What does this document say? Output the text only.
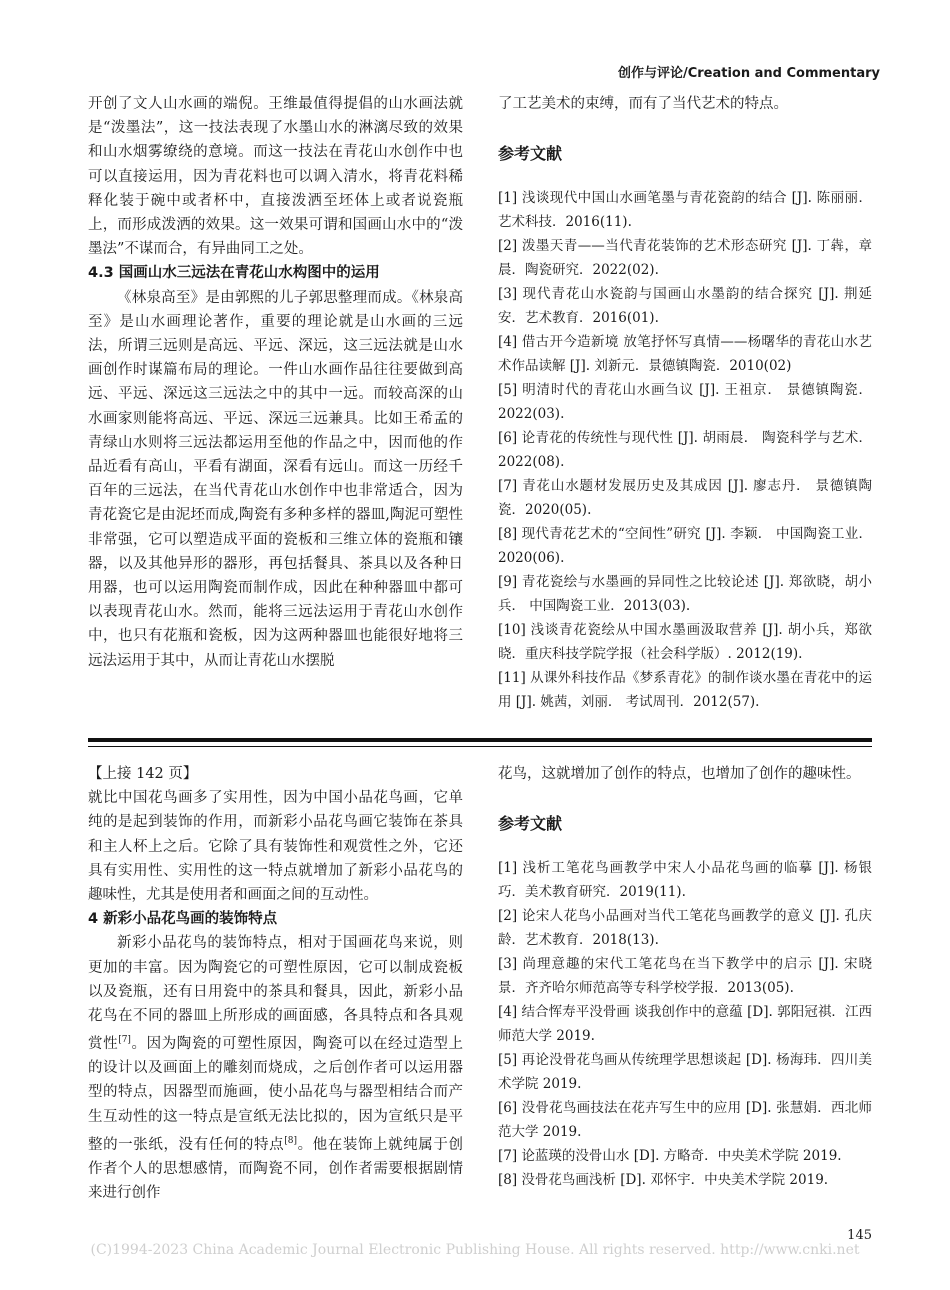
创作与评论/Creation and Commentary

开创了文人山水画的端倪。王维最值得提倡的山水画法就是“泼墨法”，这一技法表现了水墨山水的淋漓尽致的效果和山水烟雾缭绕的意境。而这一技法在青花山水创作中也可以直接运用，因为青花料也可以调入清水，将青花料稀释化装于碗中或者杯中，直接泼洒至坯体上或者说瓷瓶上，而形成泼洒的效果。这一效果可谓和国画山水中的“泼墨法”不谋而合，有异曲同工之处。

4.3 国画山水三远法在青花山水构图中的运用

《林泉高至》是由郭熙的儿子郭思整理而成。《林泉高至》是山水画理论著作，重要的理论就是山水画的三远法，所谓三远则是高远、平远、深远，这三远法就是山水画创作时谋篇布局的理论。一件山水画作品往往要做到高远、平远、深远这三远法之中的其中一远。而较高深的山水画家则能将高远、平远、深远三远兼具。比如王希孟的青绿山水则将三远法都运用至他的作品之中，因而他的作品近看有高山，平看有湖面，深看有远山。而这一历经千百年的三远法，在当代青花山水创作中也非常适合，因为青花瓷它是由泥坯而成,陶瓷有多种多样的器皿,陶泥可塑性非常强，它可以塑造成平面的瓷板和三维立体的瓷瓶和镶器，以及其他异形的器形，再包括餐具、茶具以及各种日用器，也可以运用陶瓷而制作成，因此在种种器皿中都可以表现青花山水。然而，能将三远法运用于青花山水创作中，也只有花瓶和瓷板，因为这两种器皿也能很好地将三远法运用于其中，从而让青花山水摆脱

了工艺美术的束缚，而有了当代艺术的特点。

参考文献

[1] 浅谈现代中国山水画笔墨与青花瓷韵的结合 [J]. 陈丽丽．艺术科技．2016(11).

[2] 泼墨天青——当代青花装饰的艺术形态研究 [J]. 丁犇，章晨．陶瓷研究．2022(02).

[3] 现代青花山水瓷韵与国画山水墨韵的结合探究 [J]. 荆延安．艺术教育．2016(01).

[4] 借古开今造新境 放笔抒怀写真情——杨曙华的青花山水艺术作品读解 [J]. 刘新元．景德镇陶瓷．2010(02)

[5] 明清时代的青花山水画刍议 [J]. 王祖京． 景德镇陶瓷．2022(03).

[6] 论青花的传统性与现代性 [J]. 胡雨晨． 陶瓷科学与艺术．2022(08).

[7] 青花山水题材发展历史及其成因 [J]. 廖志丹． 景德镇陶瓷．2020(05).

[8] 现代青花艺术的“空间性”研究 [J]. 李颖． 中国陶瓷工业．2020(06).

[9] 青花瓷绘与水墨画的异同性之比较论述 [J]. 郑欲晓，胡小兵． 中国陶瓷工业．2013(03).

[10] 浅谈青花瓷绘从中国水墨画汲取营养 [J]. 胡小兵，郑欲晓．重庆科技学院学报（社会科学版）. 2012(19).

[11] 从课外科技作品《梦系青花》的制作谈水墨在青花中的运用 [J]. 姚茜，刘丽． 考试周刊．2012(57).

【上接 142 页】

就比中国花鸟画多了实用性，因为中国小品花鸟画，它单纯的是起到装饰的作用，而新彩小品花鸟画它装饰在茶具和主人杯上之后。它除了具有装饰性和观赏性之外，它还具有实用性、实用性的这一特点就增加了新彩小品花鸟的趣味性，尤其是使用者和画面之间的互动性。

4 新彩小品花鸟画的装饰特点

新彩小品花鸟的装饰特点，相对于国画花鸟来说，则更加的丰富。因为陶瓷它的可塑性原因，它可以制成瓷板以及瓷瓶，还有日用瓷中的茶具和餐具，因此，新彩小品花鸟在不同的器皿上所形成的画面感，各具特点和各具观赏性[7]。因为陶瓷的可塑性原因，陶瓷可以在经过造型上的设计以及画面上的雕刻而烧成，之后创作者可以运用器型的特点，因器型而施画，使小品花鸟与器型相结合而产生互动性的这一特点是宣纸无法比拟的，因为宣纸只是平整的一张纸，没有任何的特点[8]。他在装饰上就纯属于创作者个人的思想感情，而陶瓷不同，创作者需要根据剧情来进行创作

花鸟，这就增加了创作的特点，也增加了创作的趣味性。

参考文献

[1] 浅析工笔花鸟画教学中宋人小品花鸟画的临摹 [J]. 杨银巧．美术教育研究．2019(11).

[2] 论宋人花鸟小品画对当代工笔花鸟画教学的意义 [J]. 孔庆龄．艺术教育．2018(13).

[3] 尚理意趣的宋代工笔花鸟在当下教学中的启示 [J]. 宋晓景．齐齐哈尔师范高等专科学校学报．2013(05).

[4] 结合恽寿平没骨画 谈我创作中的意蕴 [D]. 郭阳冠祺．江西师范大学 2019.

[5] 再论没骨花鸟画从传统理学思想谈起 [D]. 杨海玮．四川美术学院 2019.

[6] 没骨花鸟画技法在花卉写生中的应用 [D]. 张慧娟．西北师范大学 2019.

[7] 论蓝瑛的没骨山水 [D]. 方略奇．中央美术学院 2019.

[8] 没骨花鸟画浅析 [D]. 邓怀宇．中央美术学院 2019.

145
(C)1994-2023 China Academic Journal Electronic Publishing House. All rights reserved. http://www.cnki.net
